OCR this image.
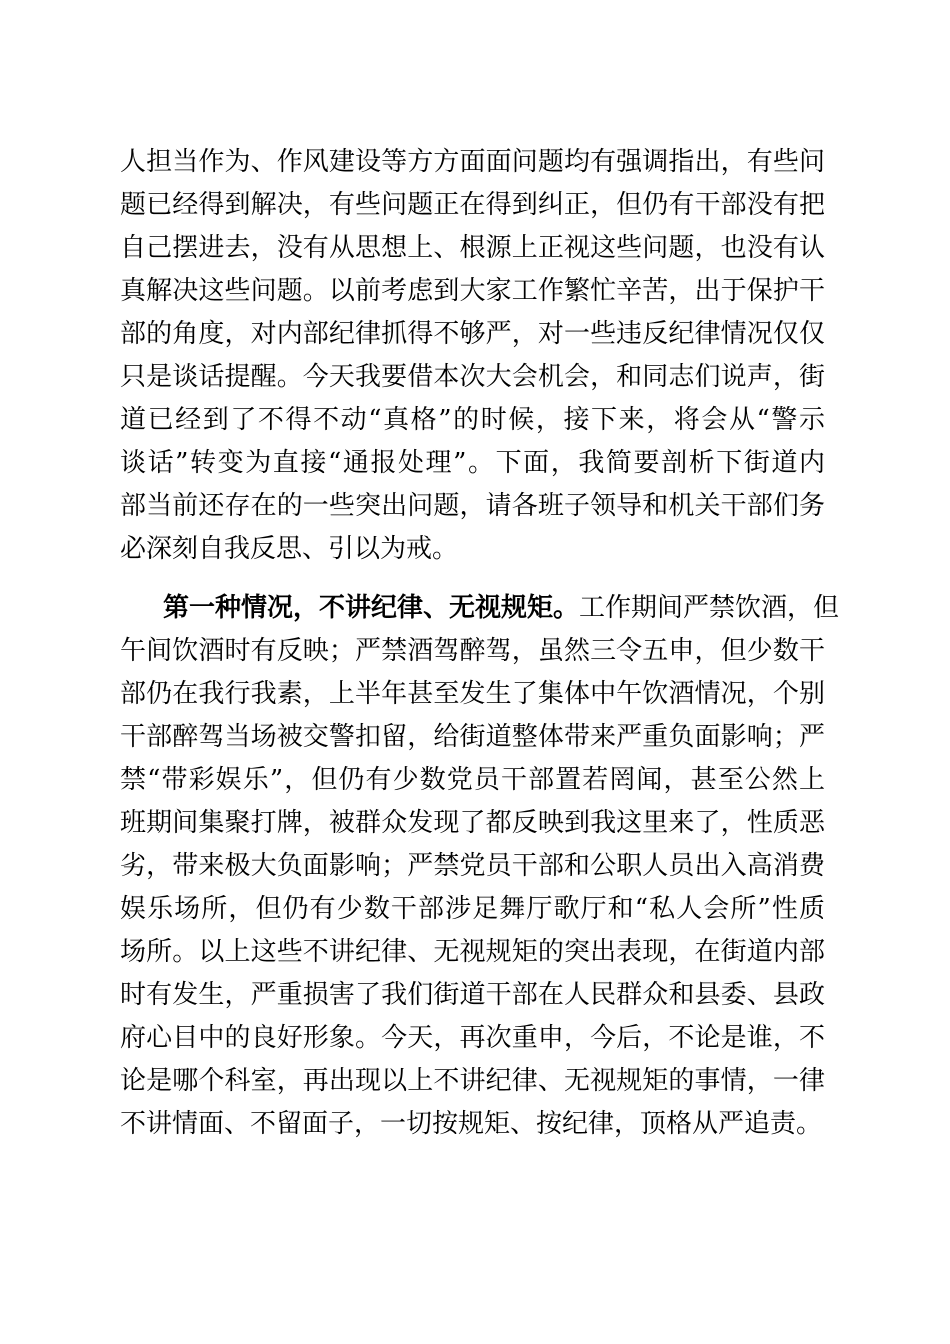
人担当作为、作风建设等方方面面问题均有强调指出，有些问
题已经得到解决，有些问题正在得到纠正，但仍有干部没有把
自己摆进去，没有从思想上、根源上正视这些问题，也没有认
真解决这些问题。以前考虑到大家工作繁忙辛苦，出于保护干
部的角度，对内部纪律抓得不够严，对一些违反纪律情况仅仅
只是谈话提醒。今天我要借本次大会机会，和同志们说声，街
道已经到了不得不动“真格”的时候，接下来，将会从“警示
谈话”转变为直接“通报处理”。下面，我简要剖析下街道内
部当前还存在的一些突出问题，请各班子领导和机关干部们务
必深刻自我反思、引以为戒。
第一种情况，不讲纪律、无视规矩。工作期间严禁饮酒，但
午间饮酒时有反映；严禁酒驾醉驾，虽然三令五申，但少数干
部仍在我行我素，上半年甚至发生了集体中午饮酒情况，个别
干部醉驾当场被交警扣留，给街道整体带来严重负面影响；严
禁“带彩娱乐”，但仍有少数党员干部置若罔闻，甚至公然上
班期间集聚打牌，被群众发现了都反映到我这里来了，性质恶
劣，带来极大负面影响；严禁党员干部和公职人员出入高消费
娱乐场所，但仍有少数干部涉足舞厅歌厅和“私人会所”性质
场所。以上这些不讲纪律、无视规矩的突出表现，在街道内部
时有发生，严重损害了我们街道干部在人民群众和县委、县政
府心目中的良好形象。今天，再次重申，今后，不论是谁，不
论是哪个科室，再出现以上不讲纪律、无视规矩的事情，一律
不讲情面、不留面子，一切按规矩、按纪律，顶格从严追责。
